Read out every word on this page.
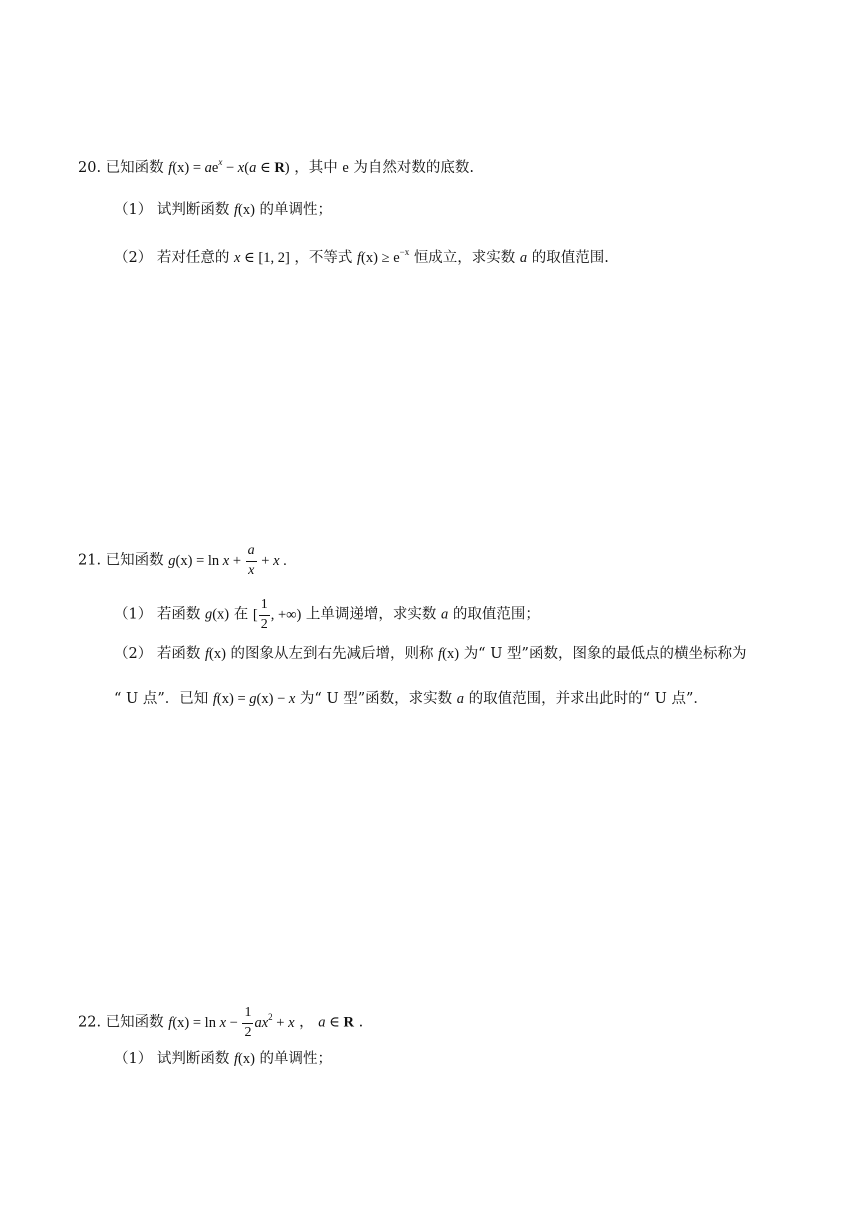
20. 已知函数 $f(x) = ae^x - x(a$ ∈ R) ，其中 e 为自然对数的底数.
（1） 试判断函数 f(x) 的单调性；
（2） 若对任意的 x ∈ [1, 2] ，不等式 $f(x) \ge e^{-x}$ 恒成立，求实数 a 的取值范围.
21. 已知函数 $g(x) = \ln x + \frac{a}{x} + x$ .
（1） 若函数 g(x) 在 [ $\frac{1}{2}$ , +∞) 上单调递增，求实数 a 的取值范围；
（2） 若函数 f(x) 的图象从左到右先减后增，则称 f(x) 为“ U 型”函数，图象的最低点的横坐标称为
“ U 点”．已知 f(x) = g(x) − x 为“ U 型”函数，求实数 a 的取值范围，并求出此时的“ U 点”．
22. 已知函数 $f(x) = \ln x - \frac{1}{2} ax^2 + x$ ， a ∈ R .
（1） 试判断函数 f(x) 的单调性；
